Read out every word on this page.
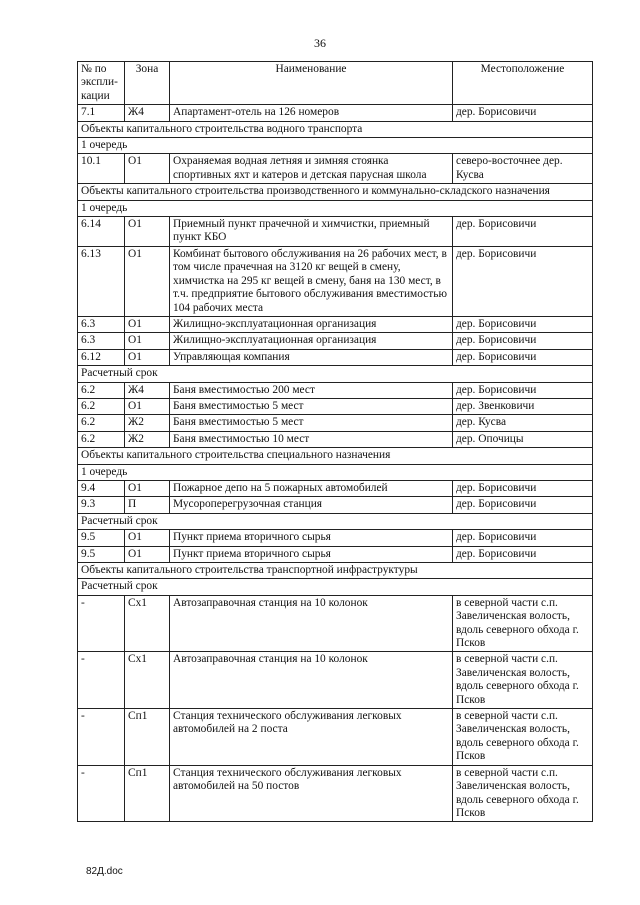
36
№ по экспли-кации	Зона	Наименование	Местоположение
7.1	Ж4	Апартамент-отель на 126 номеров	дер. Борисовичи
Объекты капитального строительства водного транспорта			
1 очередь			
10.1	О1	Охраняемая водная летняя и зимняя стоянка спортивных яхт и катеров и детская парусная школа	северо-восточнее дер. Кусва
Объекты капитального строительства производственного и коммунально-складского назначения			
1 очередь			
6.14	О1	Приемный пункт прачечной и химчистки, приемный пункт КБО	дер. Борисовичи
6.13	О1	Комбинат бытового обслуживания на 26 рабочих мест, в том числе прачечная на 3120 кг вещей в смену, химчистка на 295 кг вещей в смену, баня на 130 мест, в т.ч. предприятие бытового обслуживания вместимостью 104 рабочих места	дер. Борисовичи
6.3	О1	Жилищно-эксплуатационная организация	дер. Борисовичи
6.3	О1	Жилищно-эксплуатационная организация	дер. Борисовичи
6.12	О1	Управляющая компания	дер. Борисовичи
Расчетный срок			
6.2	Ж4	Баня вместимостью 200 мест	дер. Борисовичи
6.2	О1	Баня вместимостью 5 мест	дер. Звенковичи
6.2	Ж2	Баня вместимостью 5 мест	дер. Кусва
6.2	Ж2	Баня вместимостью 10 мест	дер. Опочицы
Объекты капитального строительства специального назначения			
1 очередь			
9.4	О1	Пожарное депо на 5 пожарных автомобилей	дер. Борисовичи
9.3	П	Мусороперегрузочная станция	дер. Борисовичи
Расчетный срок			
9.5	О1	Пункт приема вторичного сырья	дер. Борисовичи
9.5	О1	Пункт приема вторичного сырья	дер. Борисовичи
Объекты капитального строительства транспортной инфраструктуры			
Расчетный срок			
-	Сх1	Автозаправочная станция на 10 колонок	в северной части с.п. Завеличенская волость, вдоль северного обхода г. Псков
-	Сх1	Автозаправочная станция на 10 колонок	в северной части с.п. Завеличенская волость, вдоль северного обхода г. Псков
-	Сп1	Станция технического обслуживания легковых автомобилей на 2 поста	в северной части с.п. Завеличенская волость, вдоль северного обхода г. Псков
-	Сп1	Станция технического обслуживания легковых автомобилей на 50 постов	в северной части с.п. Завеличенская волость, вдоль северного обхода г. Псков
82Д.doc
